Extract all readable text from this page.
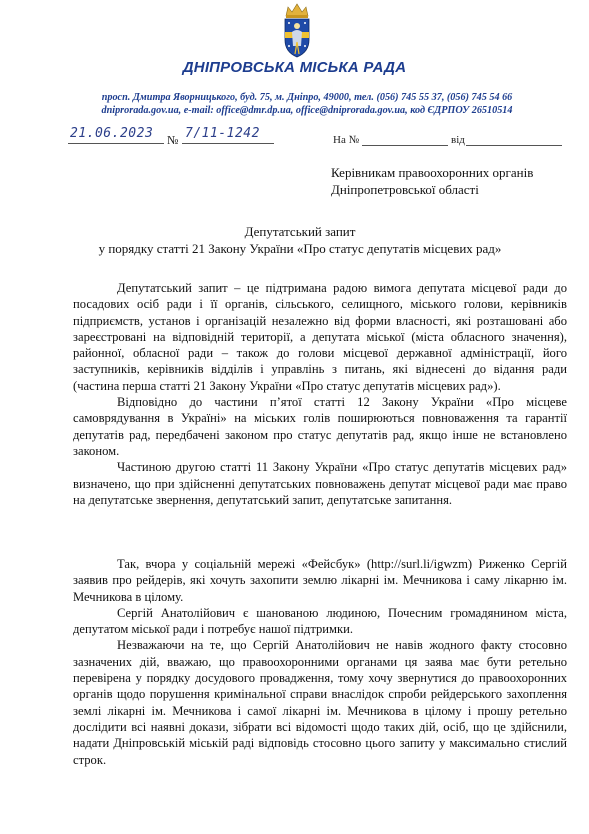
ДНІПРОВСЬКА МІСЬКА РАДА
просп. Дмитра Яворницького, буд. 75, м. Дніпро, 49000, тел. (056) 745 55 37, (056) 745 54 66
dniprorada.gov.ua, e-mail: office@dmr.dp.ua, office@dniprorada.gov.ua, код ЄДРПОУ 26510514
21.06.2023 № 7/11-1242	На №	від
Керівникам правоохоронних органів
Дніпропетровської області
Депутатський запит
у порядку статті 21 Закону України «Про статус депутатів місцевих рад»

Депутатський запит – це підтримана радою вимога депутата місцевої ради до посадових осіб ради і її органів, сільського, селищного, міського голови, керівників підприємств, установ і організацій незалежно від форми власності, які розташовані або зареєстровані на відповідній території, а депутата міської (міста обласного значення), районної, обласної ради – також до голови місцевої державної адміністрації, його заступників, керівників відділів і управлінь з питань, які віднесені до відання ради (частина перша статті 21 Закону України «Про статус депутатів місцевих рад»).

Відповідно до частини п’ятої статті 12 Закону України «Про місцеве самоврядування в Україні» на міських голів поширюються повноваження та гарантії депутатів рад, передбачені законом про статус депутатів рад, якщо інше не встановлено законом.

Частиною другою статті 11 Закону України «Про статус депутатів місцевих рад» визначено, що при здійсненні депутатських повноважень депутат місцевої ради має право на депутатське звернення, депутатський запит, депутатське запитання.

Так, вчора у соціальній мережі «Фейсбук» (http://surl.li/igwzm) Риженко Сергій заявив про рейдерів, які хочуть захопити землю лікарні ім. Мечникова і саму лікарню ім. Мечникова в цілому.

Сергій Анатолійович є шанованою людиною, Почесним громадянином міста, депутатом міської ради і потребує нашої підтримки.

Незважаючи на те, що Сергій Анатолійович не навів жодного факту стосовно зазначених дій, вважаю, що правоохоронними органами ця заява має бути ретельно перевірена у порядку досудового провадження, тому хочу звернутися до правоохоронних органів щодо порушення кримінальної справи внаслідок спроби рейдерського захоплення землі лікарні ім. Мечникова і самої лікарні ім. Мечникова в цілому і прошу ретельно дослідити всі наявні докази, зібрати всі відомості щодо таких дій, осіб, що це здійснили, надати Дніпровській міській раді відповідь стосовно цього запиту у максимально стислий строк.
